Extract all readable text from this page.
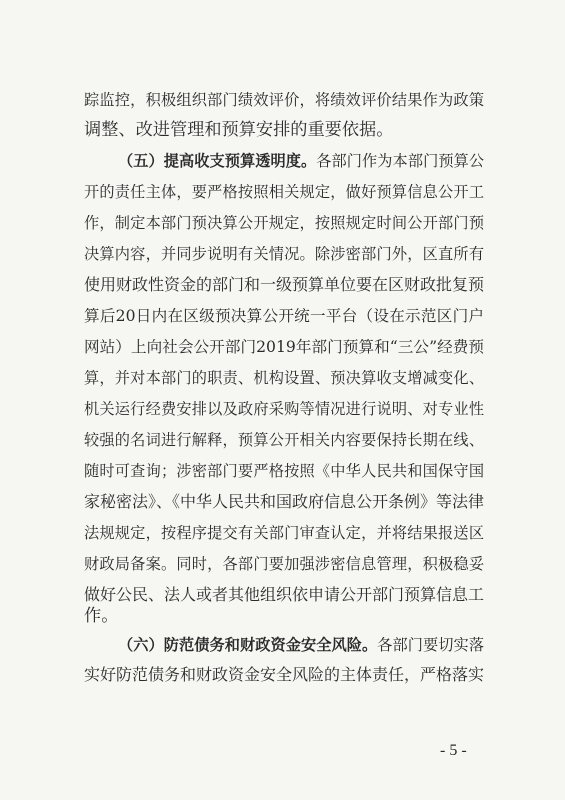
踪监控，积极组织部门绩效评价，将绩效评价结果作为政策
调整、改进管理和预算安排的重要依据。
（五）提高收支预算透明度。各部门作为本部门预算公
开的责任主体，要严格按照相关规定，做好预算信息公开工
作，制定本部门预决算公开规定，按照规定时间公开部门预
决算内容，并同步说明有关情况。除涉密部门外，区直所有
使用财政性资金的部门和一级预算单位要在区财政批复预
算后20日内在区级预决算公开统一平台（设在示范区门户
网站）上向社会公开部门2019年部门预算和“三公”经费预
算，并对本部门的职责、机构设置、预决算收支增减变化、
机关运行经费安排以及政府采购等情况进行说明、对专业性
较强的名词进行解释，预算公开相关内容要保持长期在线、
随时可查询；涉密部门要严格按照《中华人民共和国保守国
家秘密法》、《中华人民共和国政府信息公开条例》等法律
法规规定，按程序提交有关部门审查认定，并将结果报送区
财政局备案。同时，各部门要加强涉密信息管理，积极稳妥
做好公民、法人或者其他组织依申请公开部门预算信息工
作。
（六）防范债务和财政资金安全风险。各部门要切实落
实好防范债务和财政资金安全风险的主体责任，严格落实
- 5 -
